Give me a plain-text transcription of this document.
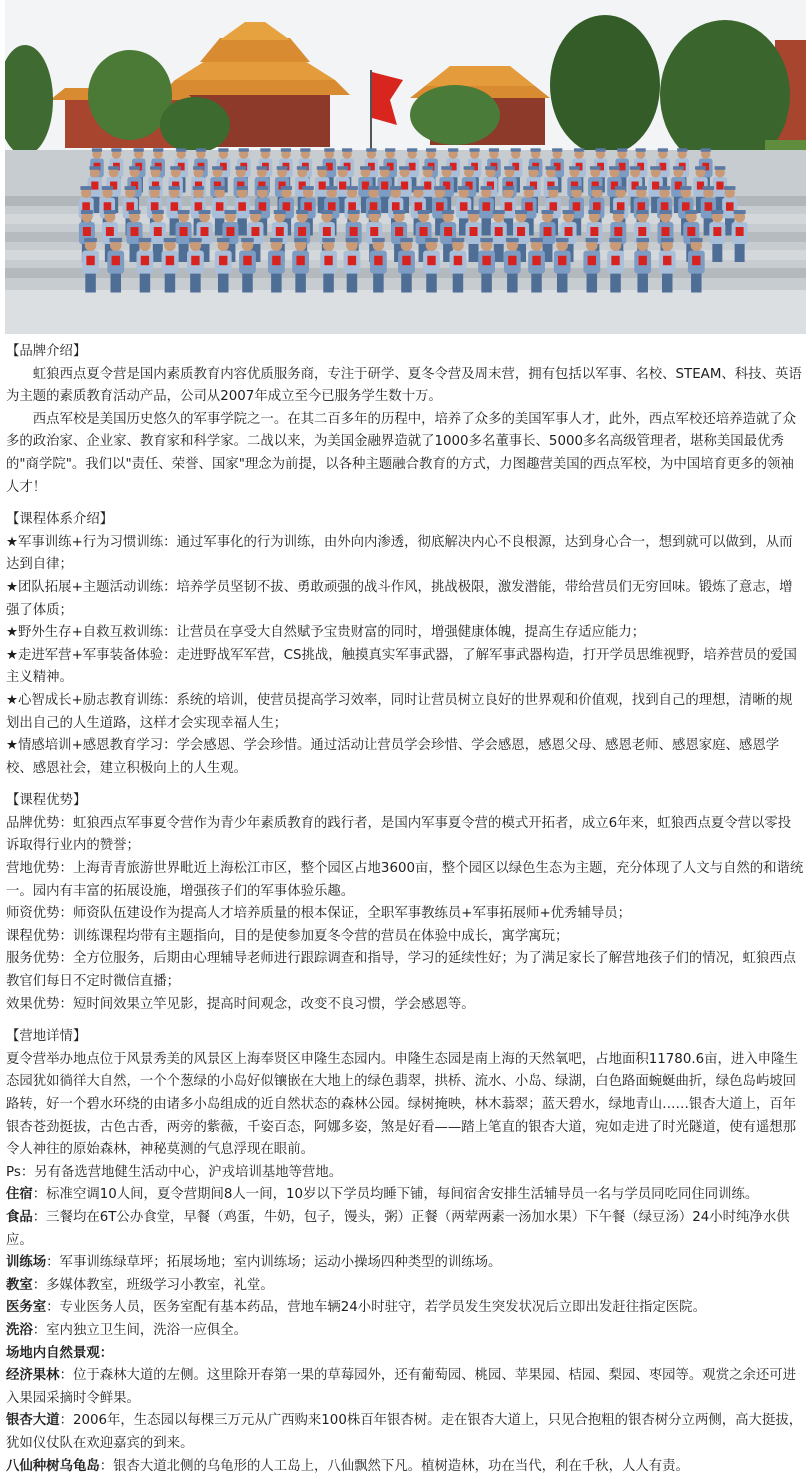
【品牌介绍】

虹狼西点夏令营是国内素质教育内容优质服务商，专注于研学、夏冬令营及周末营，拥有包括以军事、名校、STEAM、科技、英语为主题的素质教育活动产品，公司从2007年成立至今已服务学生数十万。

西点军校是美国历史悠久的军事学院之一。在其二百多年的历程中，培养了众多的美国军事人才，此外，西点军校还培养造就了众多的政治家、企业家、教育家和科学家。二战以来，为美国金融界造就了1000多名董事长、5000多名高级管理者，堪称美国最优秀的"商学院"。我们以"责任、荣誉、国家"理念为前提，以各种主题融合教育的方式，力图趣营美国的西点军校，为中国培育更多的领袖人才！

【课程体系介绍】

★军事训练+行为习惯训练：通过军事化的行为训练，由外向内渗透，彻底解决内心不良根源，达到身心合一，想到就可以做到，从而达到自律；

★团队拓展+主题活动训练：培养学员坚韧不拔、勇敢顽强的战斗作风，挑战极限，激发潜能，带给营员们无穷回味。锻炼了意志，增强了体质；

★野外生存+自救互救训练：让营员在享受大自然赋予宝贵财富的同时，增强健康体魄，提高生存适应能力；

★走进军营+军事装备体验：走进野战军军营，CS挑战，触摸真实军事武器，了解军事武器构造，打开学员思维视野，培养营员的爱国主义精神。

★心智成长+励志教育训练：系统的培训，使营员提高学习效率，同时让营员树立良好的世界观和价值观，找到自己的理想，清晰的规划出自己的人生道路，这样才会实现幸福人生；

★情感培训+感恩教育学习：学会感恩、学会珍惜。通过活动让营员学会珍惜、学会感恩，感恩父母、感恩老师、感恩家庭、感恩学校、感恩社会，建立积极向上的人生观。

【课程优势】

品牌优势：虹狼西点军事夏令营作为青少年素质教育的践行者，是国内军事夏令营的模式开拓者，成立6年来，虹狼西点夏令营以零投诉取得行业内的赞誉；

营地优势：上海青青旅游世界毗近上海松江市区，整个园区占地3600亩，整个园区以绿色生态为主题，充分体现了人文与自然的和谐统一。园内有丰富的拓展设施，增强孩子们的军事体验乐趣。

师资优势：师资队伍建设作为提高人才培养质量的根本保证，全职军事教练员+军事拓展师+优秀辅导员；

课程优势：训练课程均带有主题指向，目的是使参加夏冬令营的营员在体验中成长，寓学寓玩；

服务优势：全方位服务，后期由心理辅导老师进行跟踪调查和指导，学习的延续性好；为了满足家长了解营地孩子们的情况，虹狼西点教官们每日不定时微信直播；

效果优势：短时间效果立竿见影，提高时间观念，改变不良习惯，学会感恩等。

【营地详情】

夏令营举办地点位于风景秀美的风景区上海奉贤区申隆生态园内。申隆生态园是南上海的天然氧吧，占地面积11780.6亩，进入申隆生态园犹如徜徉大自然，一个个葱绿的小岛好似镶嵌在大地上的绿色翡翠，拱桥、流水、小岛、绿湖，白色路面蜿蜒曲折，绿色岛屿坡回路转，好一个碧水环绕的由诸多小岛组成的近自然状态的森林公园。绿树掩映，林木蓊翠；蓝天碧水，绿地青山……银杏大道上，百年银杏苍劲挺拔，古色古香，两旁的紫薇，千姿百态，阿娜多姿，煞是好看——踏上笔直的银杏大道，宛如走进了时光隧道，使有遥想那令人神往的原始森林，神秘莫测的气息浮现在眼前。

Ps：另有备选营地健生活动中心，沪戎培训基地等营地。

住宿：标准空调10人间，夏令营期间8人一间，10岁以下学员均睡下铺，每间宿舍安排生活辅导员一名与学员同吃同住同训练。

食品：三餐均在6T公办食堂，早餐（鸡蛋，牛奶，包子，馒头，粥）正餐（两荤两素一汤加水果）下午餐（绿豆汤）24小时纯净水供应。

训练场：军事训练绿草坪；拓展场地；室内训练场；运动小操场四种类型的训练场。

教室：多媒体教室，班级学习小教室，礼堂。

医务室：专业医务人员，医务室配有基本药品，营地车辆24小时驻守，若学员发生突发状况后立即出发赶往指定医院。

洗浴：室内独立卫生间，洗浴一应俱全。

场地内自然景观：

经济果林：位于森林大道的左侧。这里除开春第一果的草莓园外，还有葡萄园、桃园、苹果园、桔园、梨园、枣园等。观赏之余还可进入果园采摘时令鲜果。

银杏大道：2006年，生态园以每棵三万元从广西购来100株百年银杏树。走在银杏大道上，只见合抱粗的银杏树分立两侧，高大挺拔，犹如仪仗队在欢迎嘉宾的到来。

八仙种树乌龟岛：银杏大道北侧的乌龟形的人工岛上，八仙飘然下凡。植树造林，功在当代，利在千秋，人人有责。
